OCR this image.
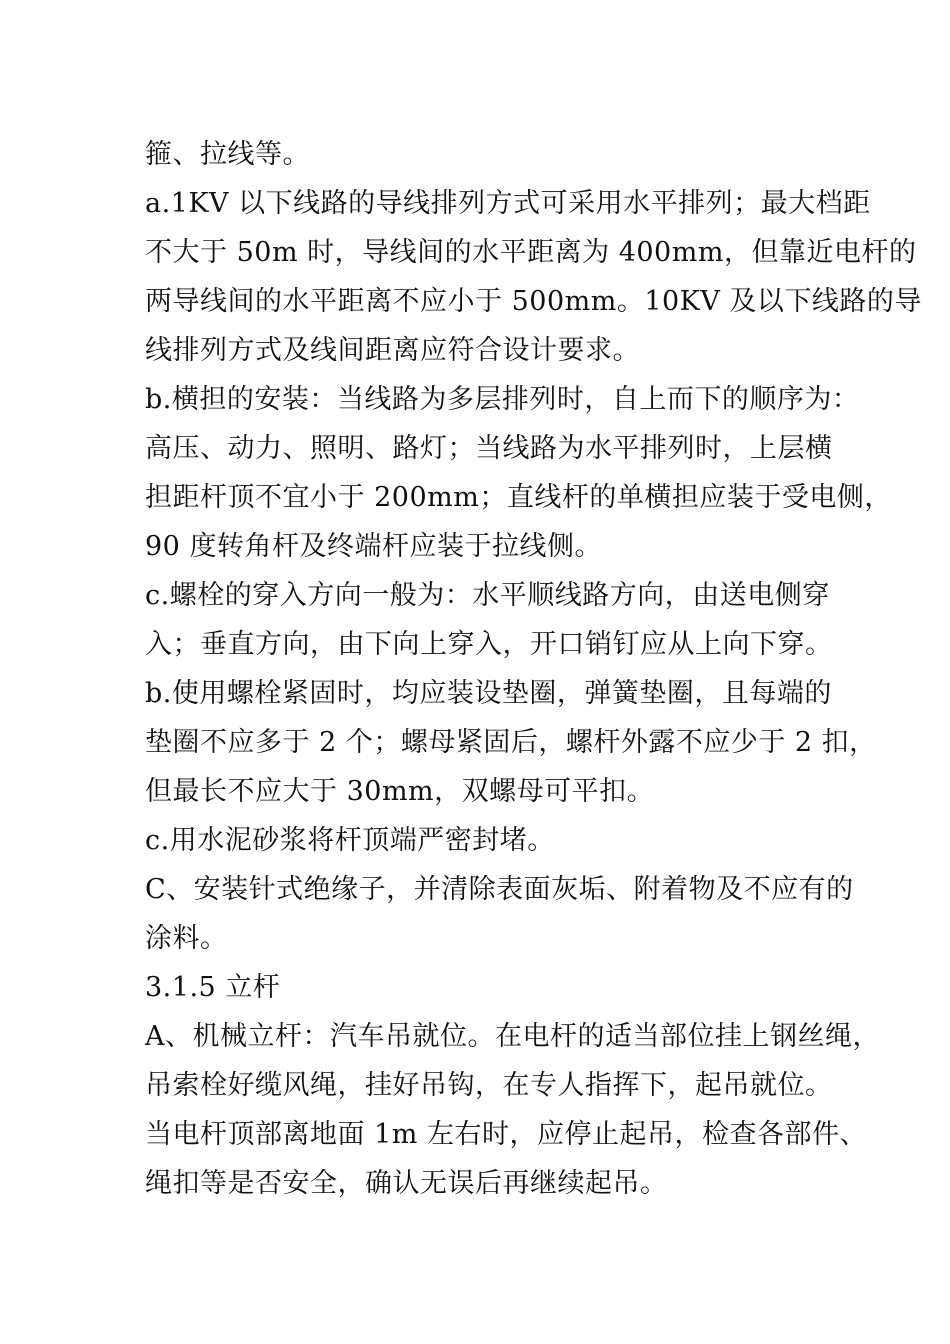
箍、拉线等。
a.1KV 以下线路的导线排列方式可采用水平排列；最大档距
不大于 50m 时，导线间的水平距离为 400mm，但靠近电杆的
两导线间的水平距离不应小于 500mm。10KV 及以下线路的导
线排列方式及线间距离应符合设计要求。
b.横担的安装：当线路为多层排列时，自上而下的顺序为：
高压、动力、照明、路灯；当线路为水平排列时，上层横
担距杆顶不宜小于 200mm；直线杆的单横担应装于受电侧，
90 度转角杆及终端杆应装于拉线侧。
c.螺栓的穿入方向一般为：水平顺线路方向，由送电侧穿
入；垂直方向，由下向上穿入，开口销钉应从上向下穿。
b.使用螺栓紧固时，均应装设垫圈，弹簧垫圈，且每端的
垫圈不应多于 2 个；螺母紧固后，螺杆外露不应少于 2 扣，
但最长不应大于 30mm，双螺母可平扣。
c.用水泥砂浆将杆顶端严密封堵。
C、安装针式绝缘子，并清除表面灰垢、附着物及不应有的
涂料。
3.1.5 立杆
A、机械立杆：汽车吊就位。在电杆的适当部位挂上钢丝绳，
吊索栓好缆风绳，挂好吊钩，在专人指挥下，起吊就位。
当电杆顶部离地面 1m 左右时，应停止起吊，检查各部件、
绳扣等是否安全，确认无误后再继续起吊。
